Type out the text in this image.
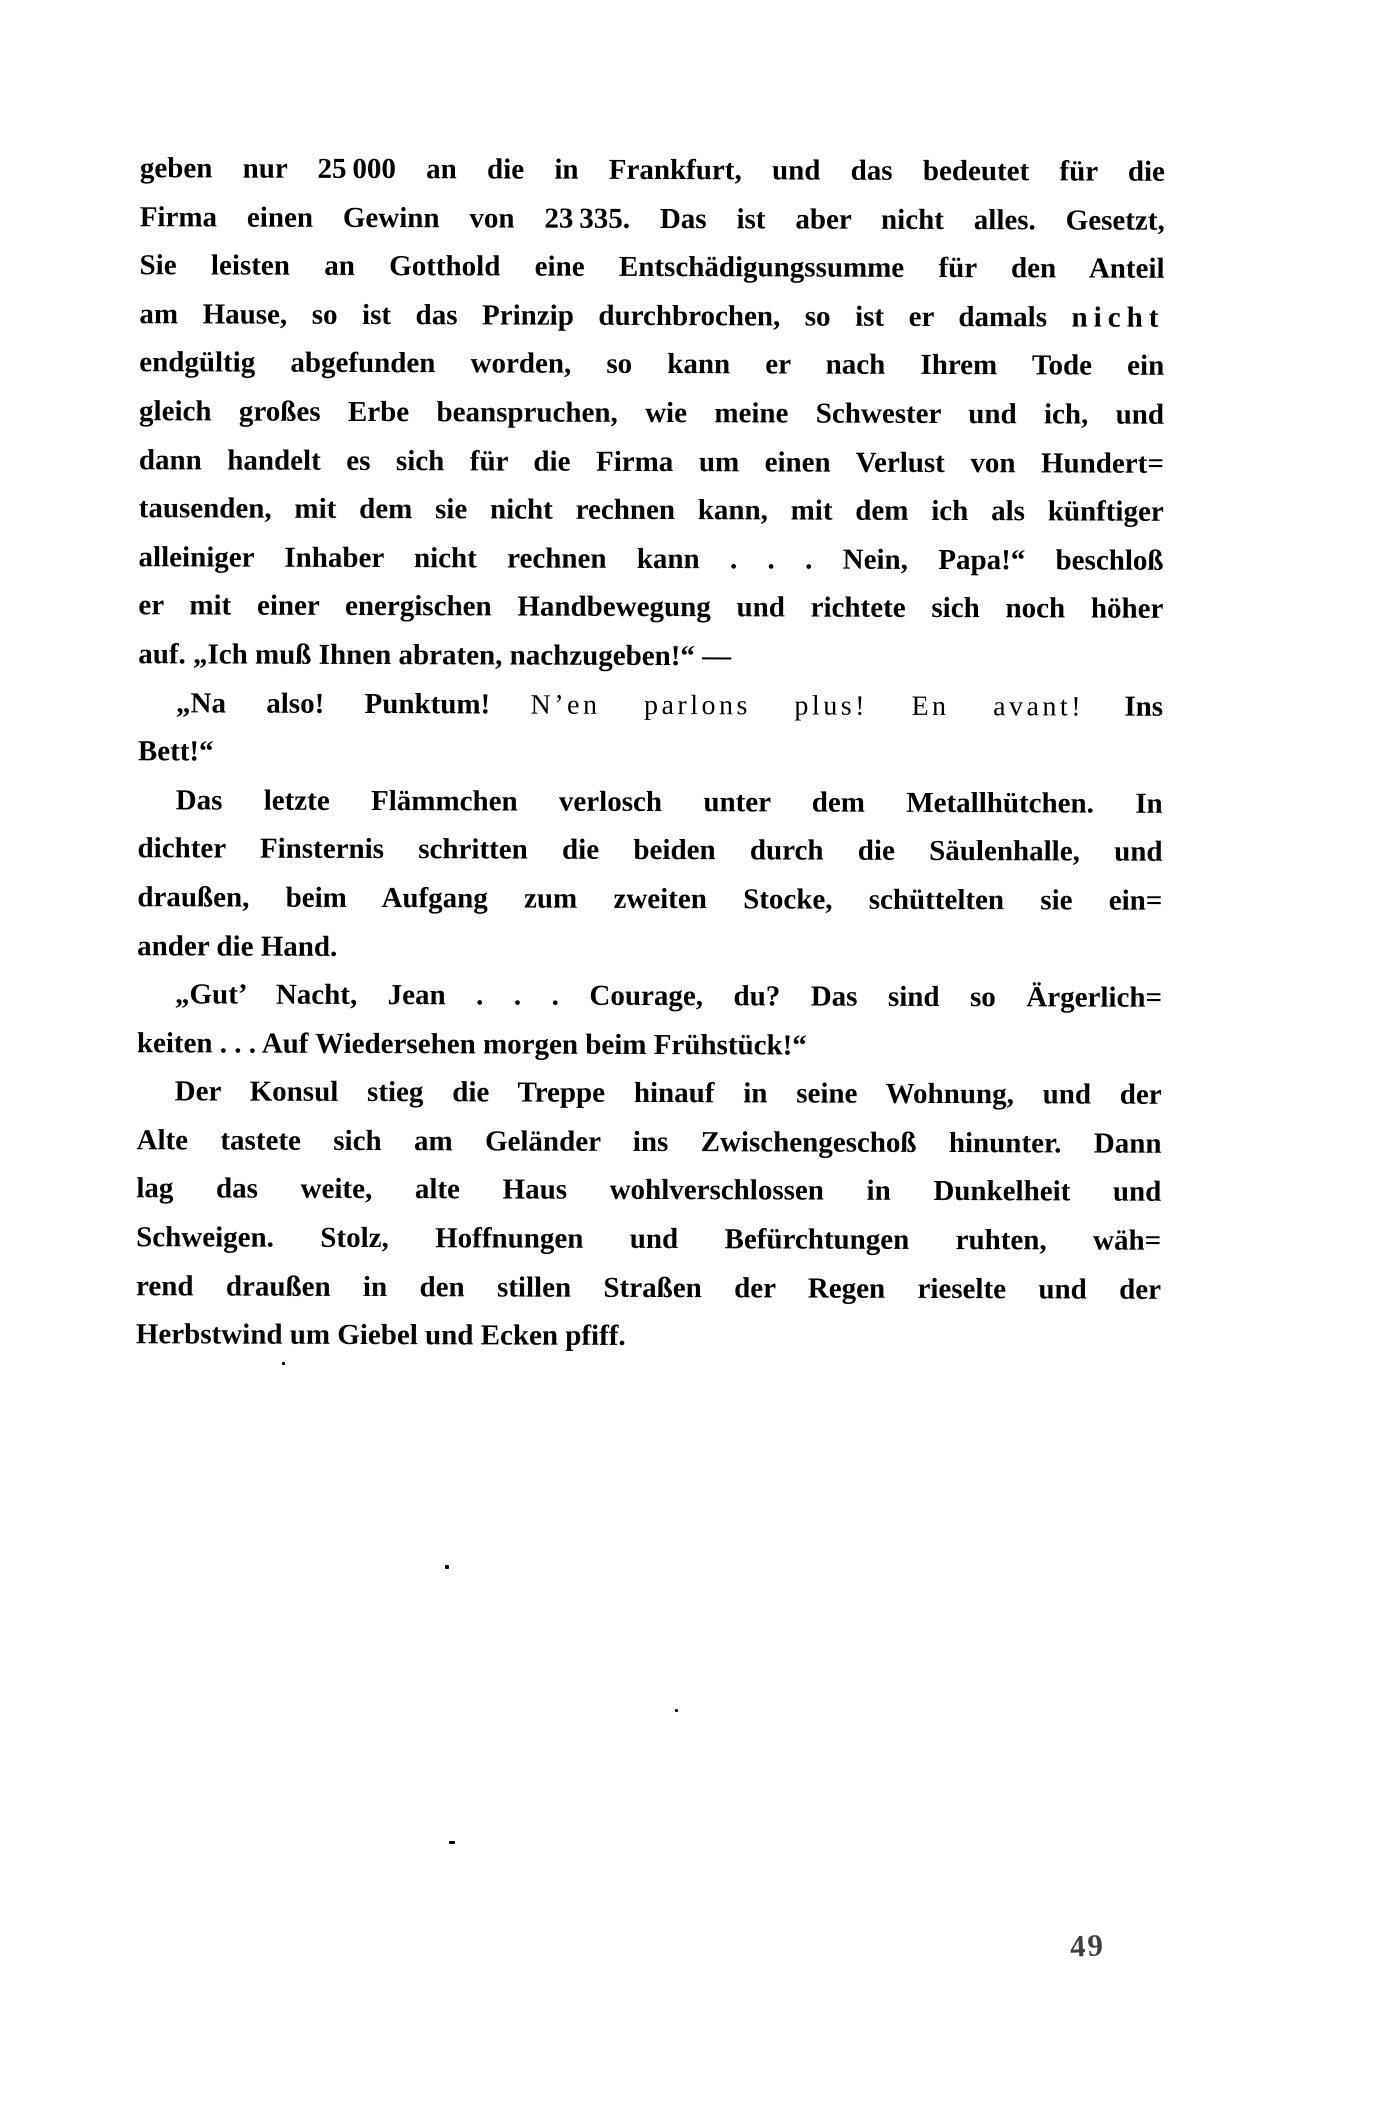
geben nur 25 000 an die in Frankfurt, und das bedeutet für die
Firma einen Gewinn von 23 335. Das ist aber nicht alles. Gesetzt,
Sie leisten an Gotthold eine Entschädigungssumme für den Anteil
am Hause, so ist das Prinzip durchbrochen, so ist er damals nicht
endgültig abgefunden worden, so kann er nach Ihrem Tode ein
gleich großes Erbe beanspruchen, wie meine Schwester und ich, und
dann handelt es sich für die Firma um einen Verlust von Hundert=
tausenden, mit dem sie nicht rechnen kann, mit dem ich als künftiger
alleiniger Inhaber nicht rechnen kann . . . Nein, Papa!“ beschloß
er mit einer energischen Handbewegung und richtete sich noch höher
auf. „Ich muß Ihnen abraten, nachzugeben!“ —
„Na also! Punktum! N’en parlons plus! En avant! Ins
Bett!“
Das letzte Flämmchen verlosch unter dem Metallhütchen. In
dichter Finsternis schritten die beiden durch die Säulenhalle, und
draußen, beim Aufgang zum zweiten Stocke, schüttelten sie ein=
ander die Hand.
„Gut’ Nacht, Jean . . . Courage, du? Das sind so Ärgerlich=
keiten . . . Auf Wiedersehen morgen beim Frühstück!“
Der Konsul stieg die Treppe hinauf in seine Wohnung, und der
Alte tastete sich am Geländer ins Zwischengeschoß hinunter. Dann
lag das weite, alte Haus wohlverschlossen in Dunkelheit und
Schweigen. Stolz, Hoffnungen und Befürchtungen ruhten, wäh=
rend draußen in den stillen Straßen der Regen rieselte und der
Herbstwind um Giebel und Ecken pfiff.
49
